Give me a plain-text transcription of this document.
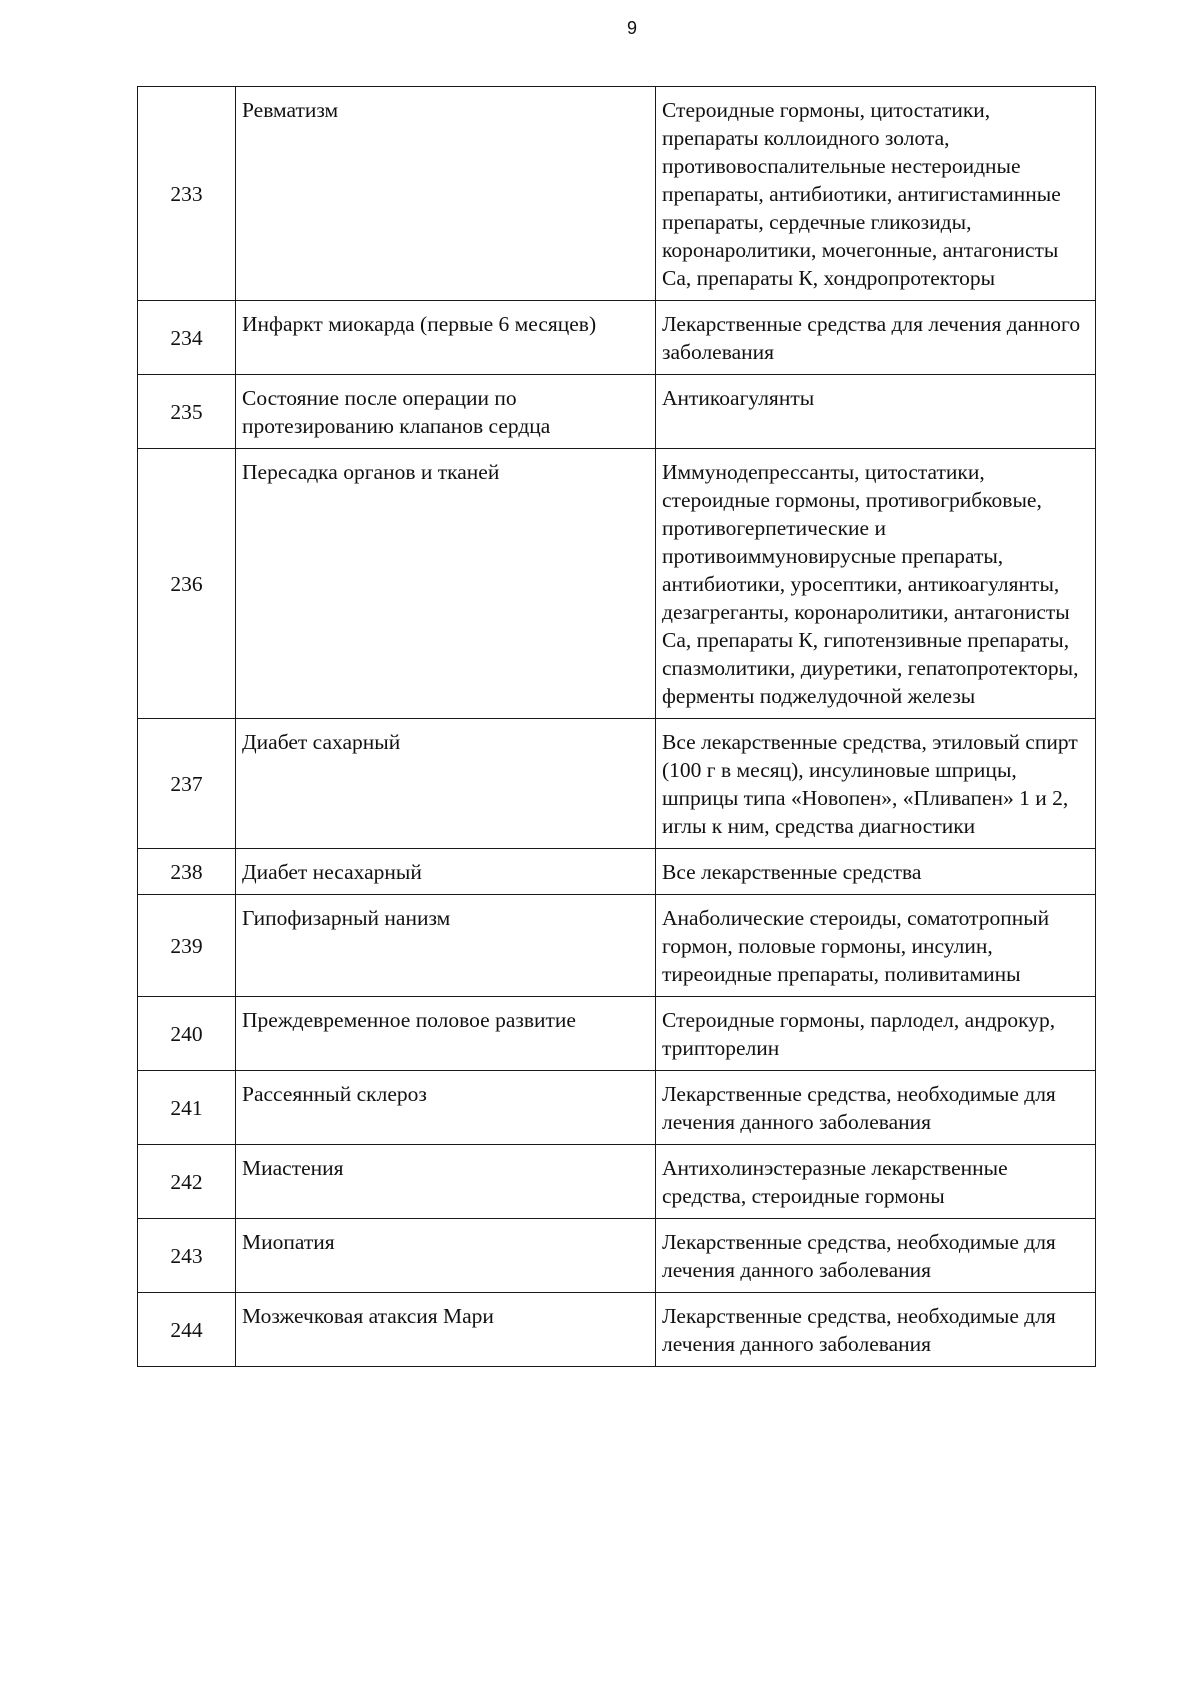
9
233	Ревматизм	Стероидные гормоны, цитостатики, препараты коллоидного золота, противовоспалительные нестероидные препараты, антибиотики, антигистаминные препараты, сердечные гликозиды, коронаролитики, мочегонные, антагонисты Са, препараты К, хондропротекторы
234	Инфаркт миокарда (первые 6 месяцев)	Лекарственные средства для лечения данного заболевания
235	Состояние после операции по протезированию клапанов сердца	Антикоагулянты
236	Пересадка органов и тканей	Иммунодепрессанты, цитостатики, стероидные гормоны, противогрибковые, противогерпетические и противоиммуновирусные препараты, антибиотики, уросептики, антикоагулянты, дезагреганты, коронаролитики, антагонисты Са, препараты К, гипотензивные препараты, спазмолитики, диуретики, гепатопротекторы, ферменты поджелудочной железы
237	Диабет сахарный	Все лекарственные средства, этиловый спирт (100 г в месяц), инсулиновые шприцы, шприцы типа «Новопен», «Пливапен» 1 и 2, иглы к ним, средства диагностики
238	Диабет несахарный	Все лекарственные средства
239	Гипофизарный нанизм	Анаболические стероиды, соматотропный гормон, половые гормоны, инсулин, тиреоидные препараты, поливитамины
240	Преждевременное половое развитие	Стероидные гормоны, парлодел, андрокур, трипторелин
241	Рассеянный склероз	Лекарственные средства, необходимые для лечения данного заболевания
242	Миастения	Антихолинэстеразные лекарственные средства, стероидные гормоны
243	Миопатия	Лекарственные средства, необходимые для лечения данного заболевания
244	Мозжечковая атаксия Мари	Лекарственные средства, необходимые для лечения данного заболевания
